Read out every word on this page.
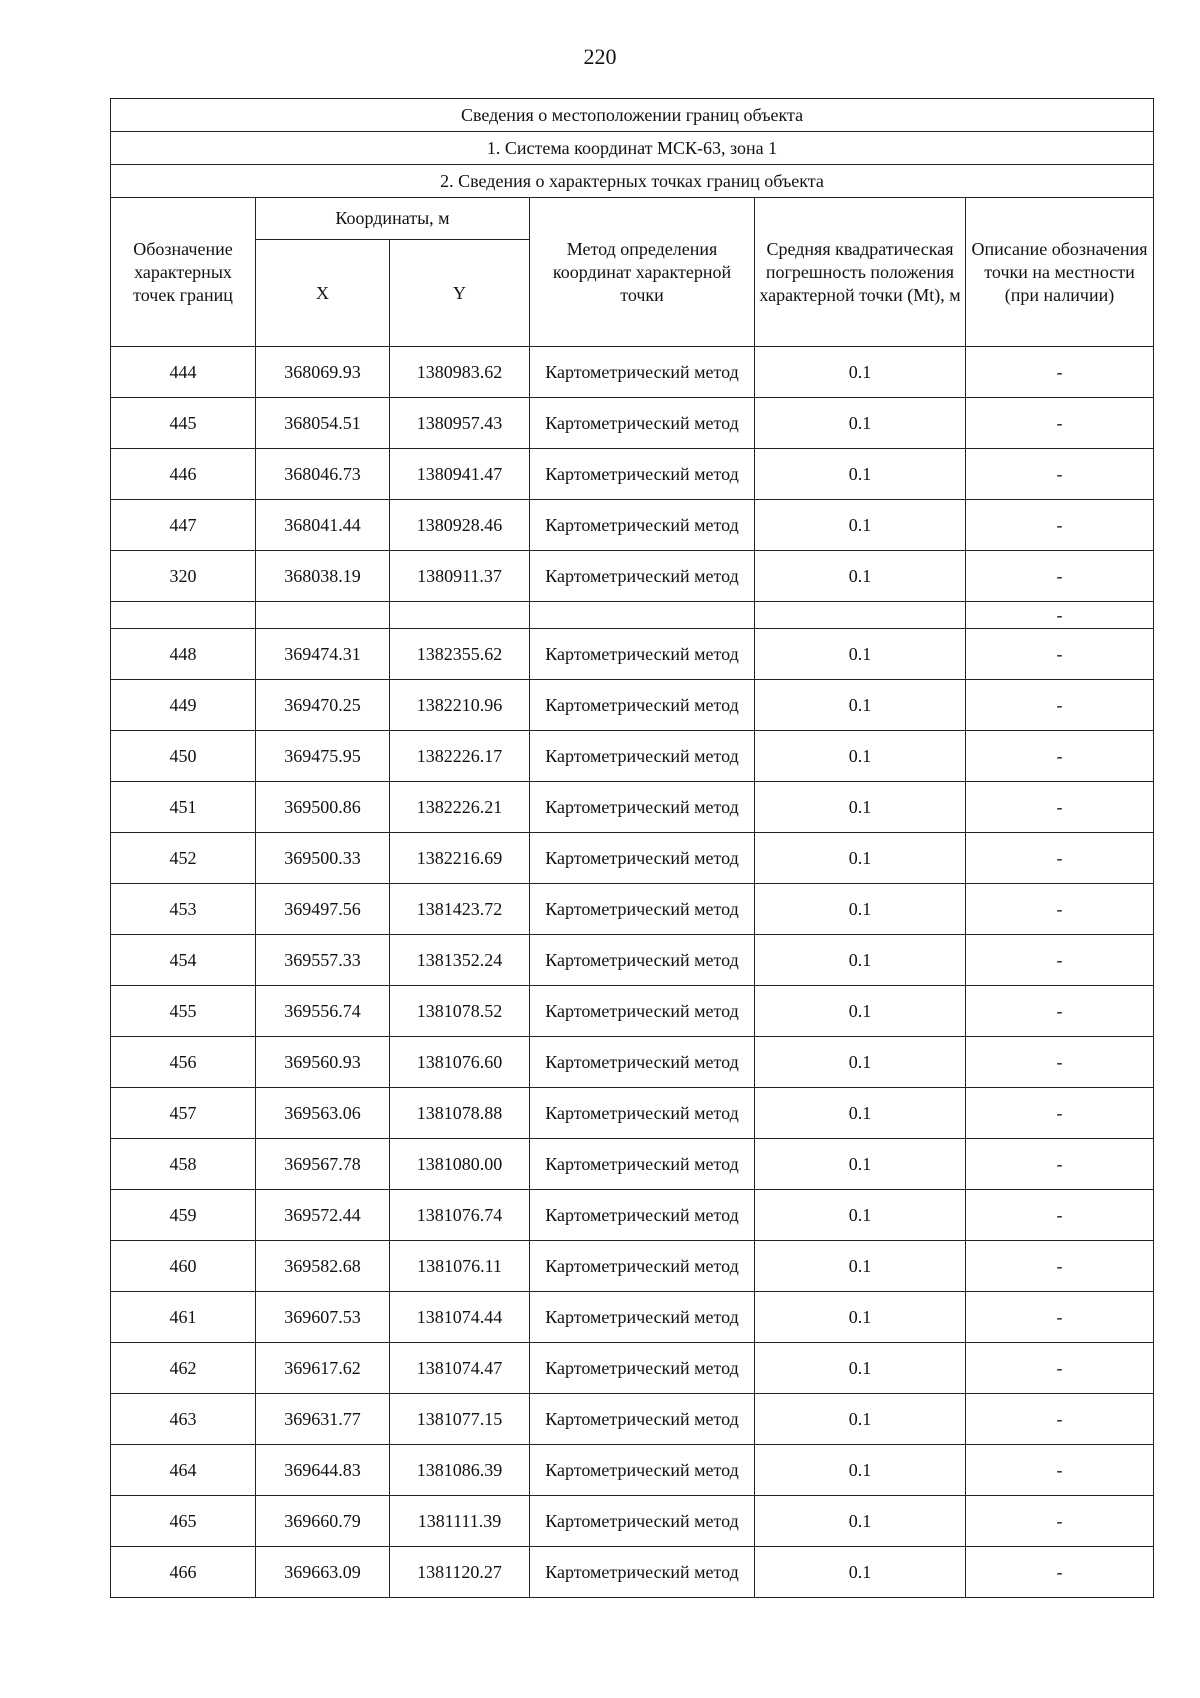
220
Сведения о местоположении границ объекта					
1. Система координат МСК-63, зона 1					
2. Сведения о характерных точках границ объекта					
Обозначение характерных точек границ	Координаты, м		Метод определения координат характерной точки	Средняя квадратическая погрешность положения характерной точки (Mt), м	Описание обозначения точки на местности (при наличии)
	X	Y			
444	368069.93	1380983.62	Картометрический метод	0.1	-
445	368054.51	1380957.43	Картометрический метод	0.1	-
446	368046.73	1380941.47	Картометрический метод	0.1	-
447	368041.44	1380928.46	Картометрический метод	0.1	-
320	368038.19	1380911.37	Картометрический метод	0.1	-
					-
448	369474.31	1382355.62	Картометрический метод	0.1	-
449	369470.25	1382210.96	Картометрический метод	0.1	-
450	369475.95	1382226.17	Картометрический метод	0.1	-
451	369500.86	1382226.21	Картометрический метод	0.1	-
452	369500.33	1382216.69	Картометрический метод	0.1	-
453	369497.56	1381423.72	Картометрический метод	0.1	-
454	369557.33	1381352.24	Картометрический метод	0.1	-
455	369556.74	1381078.52	Картометрический метод	0.1	-
456	369560.93	1381076.60	Картометрический метод	0.1	-
457	369563.06	1381078.88	Картометрический метод	0.1	-
458	369567.78	1381080.00	Картометрический метод	0.1	-
459	369572.44	1381076.74	Картометрический метод	0.1	-
460	369582.68	1381076.11	Картометрический метод	0.1	-
461	369607.53	1381074.44	Картометрический метод	0.1	-
462	369617.62	1381074.47	Картометрический метод	0.1	-
463	369631.77	1381077.15	Картометрический метод	0.1	-
464	369644.83	1381086.39	Картометрический метод	0.1	-
465	369660.79	1381111.39	Картометрический метод	0.1	-
466	369663.09	1381120.27	Картометрический метод	0.1	-
